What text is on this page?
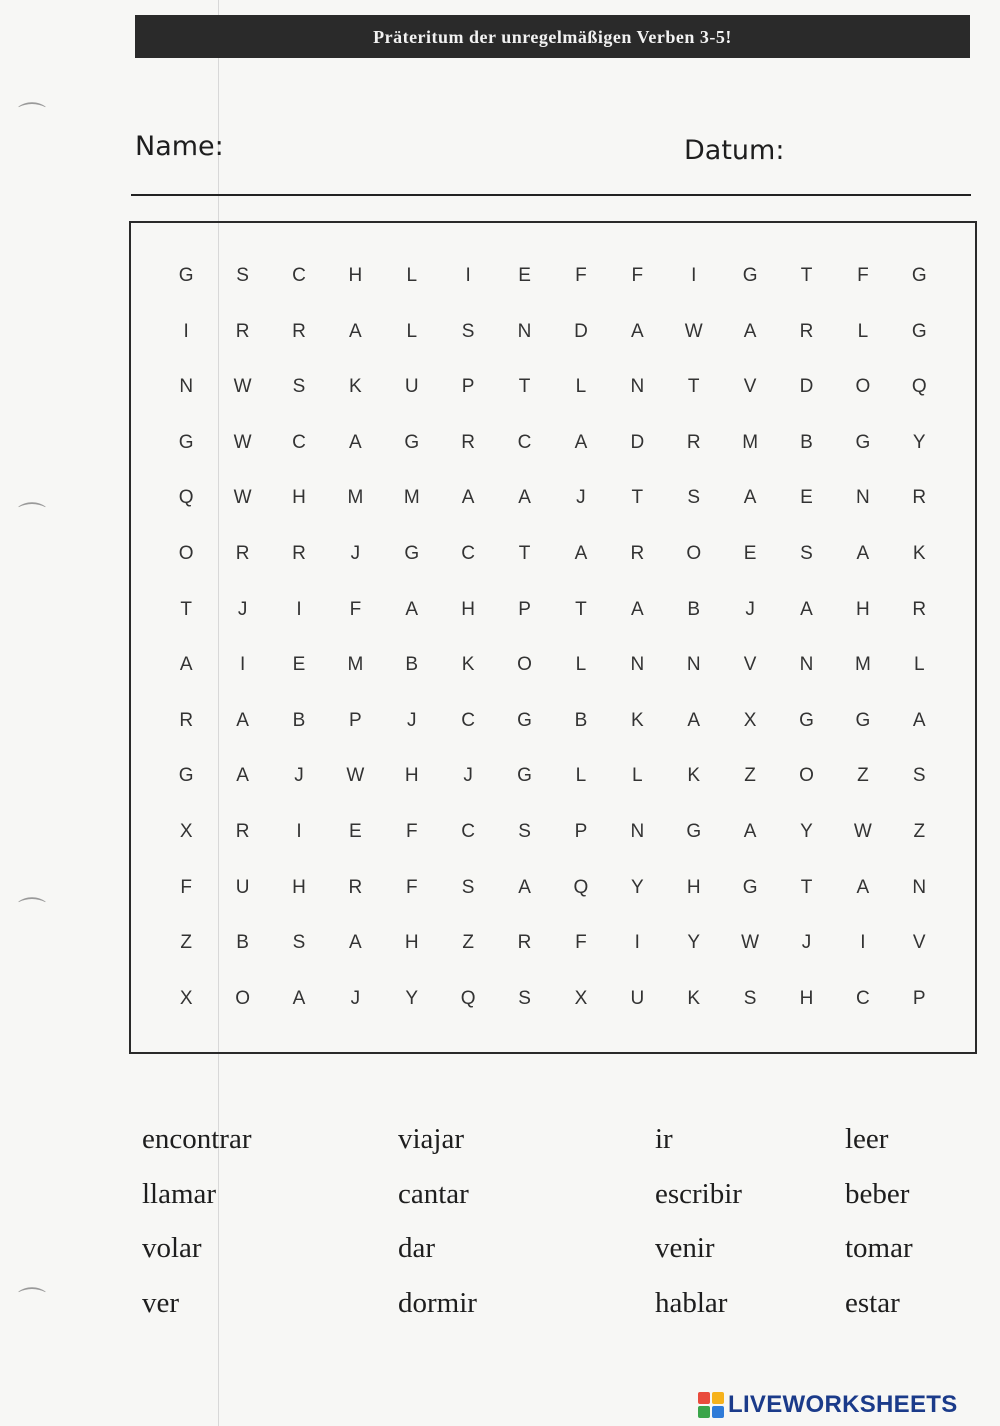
⌒
⌒
⌒
⌒
Präteritum der unregelmäßigen Verben 3-5!
Name:	Datum:
G	S	C	H	L	I	E	F	F	I	G	T	F	G
I	R	R	A	L	S	N	D	A	W	A	R	L	G
N	W	S	K	U	P	T	L	N	T	V	D	O	Q
G	W	C	A	G	R	C	A	D	R	M	B	G	Y
Q	W	H	M	M	A	A	J	T	S	A	E	N	R
O	R	R	J	G	C	T	A	R	O	E	S	A	K
T	J	I	F	A	H	P	T	A	B	J	A	H	R
A	I	E	M	B	K	O	L	N	N	V	N	M	L
R	A	B	P	J	C	G	B	K	A	X	G	G	A
G	A	J	W	H	J	G	L	L	K	Z	O	Z	S
X	R	I	E	F	C	S	P	N	G	A	Y	W	Z
F	U	H	R	F	S	A	Q	Y	H	G	T	A	N
Z	B	S	A	H	Z	R	F	I	Y	W	J	I	V
X	O	A	J	Y	Q	S	X	U	K	S	H	C	P
encontrar	viajar	ir	leer
llamar	cantar	escribir	beber
volar	dar	venir	tomar
ver	dormir	hablar	estar
LIVEWORKSHEETS
